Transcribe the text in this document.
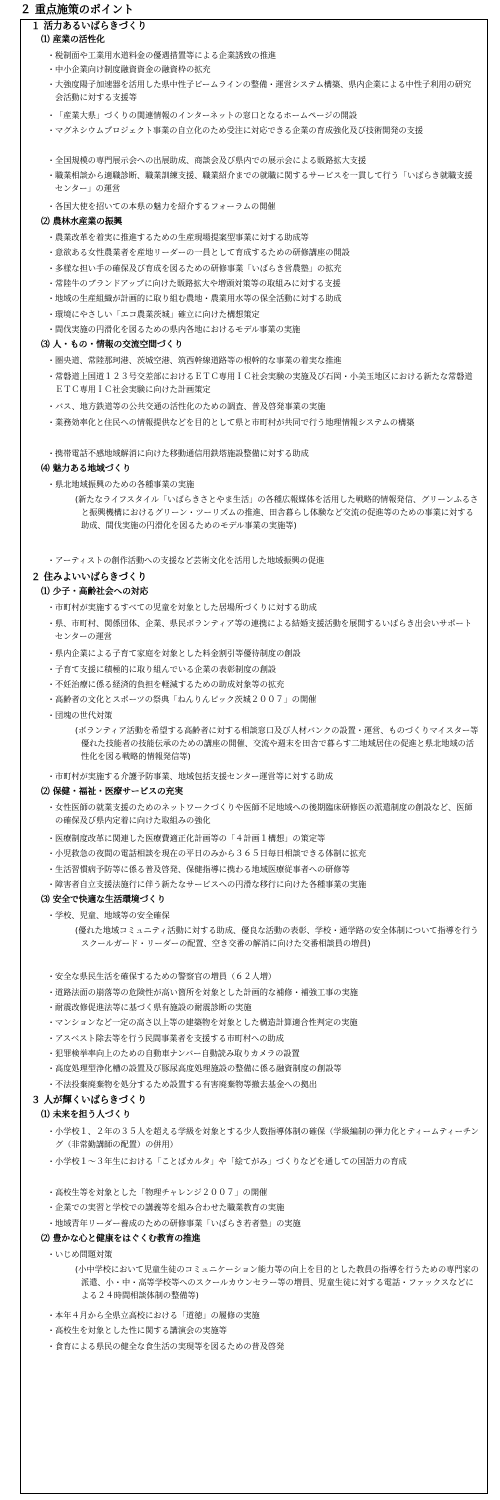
２ 重点施策のポイント
１ 活力あるいばらきづくり
⑴ 産業の活性化
・ 税制面や工業用水道料金の優遇措置等による企業誘致の推進
・ 中小企業向け制度融資資金の融資枠の拡充
・ 大強度陽子加速器を活用した県中性子ビームラインの整備・運営システム構築、県内企業による中性子利用の研究会活動に対する支援等
・ 「産業大県」づくりの関連情報のインターネットの窓口となるホームページの開設
・ マグネシウムプロジェクト事業の自立化のため受注に対応できる企業の育成強化及び技術開発の支援
・ 全国規模の専門展示会への出展助成、商談会及び県内での展示会による販路拡大支援
・ 職業相談から適職診断、職業訓練支援、職業紹介までの就職に関するサービスを一貫して行う「いばらき就職支援センター」の運営
・ 各国大使を招いての本県の魅力を紹介するフォーラムの開催
⑵ 農林水産業の振興
・ 農業改革を着実に推進するための生産現場提案型事業に対する助成等
・ 意欲ある女性農業者を産地リーダーの一員として育成するための研修講座の開設
・ 多様な担い手の確保及び育成を図るための研修事業「いばらき営農塾」の拡充
・ 常陸牛のブランドアップに向けた販路拡大や増頭対策等の取組みに対する支援
・ 地域の生産組織が計画的に取り組む農地・農業用水等の保全活動に対する助成
・ 環境にやさしい「エコ農業茨城」確立に向けた構想策定
・ 間伐実施の円滑化を図るための県内各地におけるモデル事業の実施
⑶ 人・もの・情報の交流空間づくり
・ 圏央道、常陸那珂港、茨城空港、筑西幹線道路等の根幹的な事業の着実な推進
・ 常磐道上国道１２３号交差部におけるＥＴＣ専用ＩＣ社会実験の実施及び石岡・小美玉地区における新たな常磐道ＥＴＣ専用ＩＣ社会実験に向けた計画策定
・ バス、地方鉄道等の公共交通の活性化のための調査、普及啓発事業の実施
・ 業務効率化と住民への情報提供などを目的として県と市町村が共同で行う地理情報システムの構築
・ 携帯電話不感地域解消に向けた移動通信用鉄塔施設整備に対する助成
⑷ 魅力ある地域づくり
・ 県北地域振興のための各種事業の実施
(新たなライフスタイル「いばらきさとやま生活」の各種広報媒体を活用した戦略的情報発信、グリーンふるさと振興機構におけるグリーン・ツーリズムの推進、田舎暮らし体験など交流の促進等のための事業に対する助成、間伐実施の円滑化を図るためのモデル事業の実施等)
・ アーティストの創作活動への支援など芸術文化を活用した地域振興の促進
２ 住みよいいばらきづくり
⑴ 少子・高齢社会への対応
・ 市町村が実施するすべての児童を対象とした居場所づくりに対する助成
・ 県、市町村、関係団体、企業、県民ボランティア等の連携による結婚支援活動を展開するいばらき出会いサポートセンターの運営
・ 県内企業による子育て家庭を対象とした料金割引等優待制度の創設
・ 子育て支援に積極的に取り組んでいる企業の表彰制度の創設
・ 不妊治療に係る経済的負担を軽減するための助成対象等の拡充
・ 高齢者の文化とスポーツの祭典「ねんりんピック茨城２００７」の開催
・ 団塊の世代対策
(ボランティア活動を希望する高齢者に対する相談窓口及び人材バンクの設置・運営、ものづくりマイスター等優れた技能者の技能伝承のための講座の開催、交流や週末を田舎で暮らす二地域居住の促進と県北地域の活性化を図る戦略的情報発信等)
・ 市町村が実施する介護予防事業、地域包括支援センター運営等に対する助成
⑵ 保健・福祉・医療サービスの充実
・ 女性医師の就業支援のためのネットワークづくりや医師不足地域への後期臨床研修医の派遣制度の創設など、医師の確保及び県内定着に向けた取組みの強化
・ 医療制度改革に関連した医療費適正化計画等の「４計画１構想」の策定等
・ 小児救急の夜間の電話相談を現在の平日のみから３６５日毎日相談できる体制に拡充
・ 生活習慣病予防等に係る普及啓発、保健指導に携わる地域医療従事者への研修等
・ 障害者自立支援法施行に伴う新たなサービスへの円滑な移行に向けた各種事業の実施
⑶ 安全で快適な生活環境づくり
・ 学校、児童、地域等の安全確保
(優れた地域コミュニティ活動に対する助成、優良な活動の表彰、学校・通学路の安全体制について指導を行うスクールガード・リーダーの配置、空き交番の解消に向けた交番相談員の増員)
・ 安全な県民生活を確保するための警察官の増員（６２人増）
・ 道路法面の崩落等の危険性が高い箇所を対象とした計画的な補修・補強工事の実施
・ 耐震改修促進法等に基づく県有施設の耐震診断の実施
・ マンションなど一定の高さ以上等の建築物を対象とした構造計算適合性判定の実施
・ アスベスト除去等を行う民間事業者を支援する市町村への助成
・ 犯罪検挙率向上のための自動車ナンバー自動読み取りカメラの設置
・ 高度処理型浄化槽の設置及び豚尿高度処理施設の整備に係る融資制度の創設等
・ 不法投棄廃棄物を処分するため設置する有害廃棄物等撤去基金への拠出
３ 人が輝くいばらきづくり
⑴ 未来を担う人づくり
・ 小学校１、２年の３５人を超える学級を対象とする少人数指導体制の確保（学級編制の弾力化とティームティーチング（非常勤講師の配置）の併用）
・ 小学校１～３年生における「ことばカルタ」や「絵てがみ」づくりなどを通しての国語力の育成
・ 高校生等を対象とした「物理チャレンジ２００７」の開催
・ 企業での実習と学校での講義等を組み合わせた職業教育の実施
・ 地域青年リーダー養成のための研修事業「いばらき若者塾」の実施
⑵ 豊かな心と健康をはぐくむ教育の推進
・ いじめ問題対策
(小中学校において児童生徒のコミュニケーション能力等の向上を目的とした教員の指導を行うための専門家の派遣、小・中・高等学校等へのスクールカウンセラー等の増員、児童生徒に対する電話・ファックスなどによる２４時間相談体制の整備等)
・ 本年４月から全県立高校における「道徳」の履修の実施
・ 高校生を対象とした性に関する講演会の実施等
・ 食育による県民の健全な食生活の実現等を図るための普及啓発
